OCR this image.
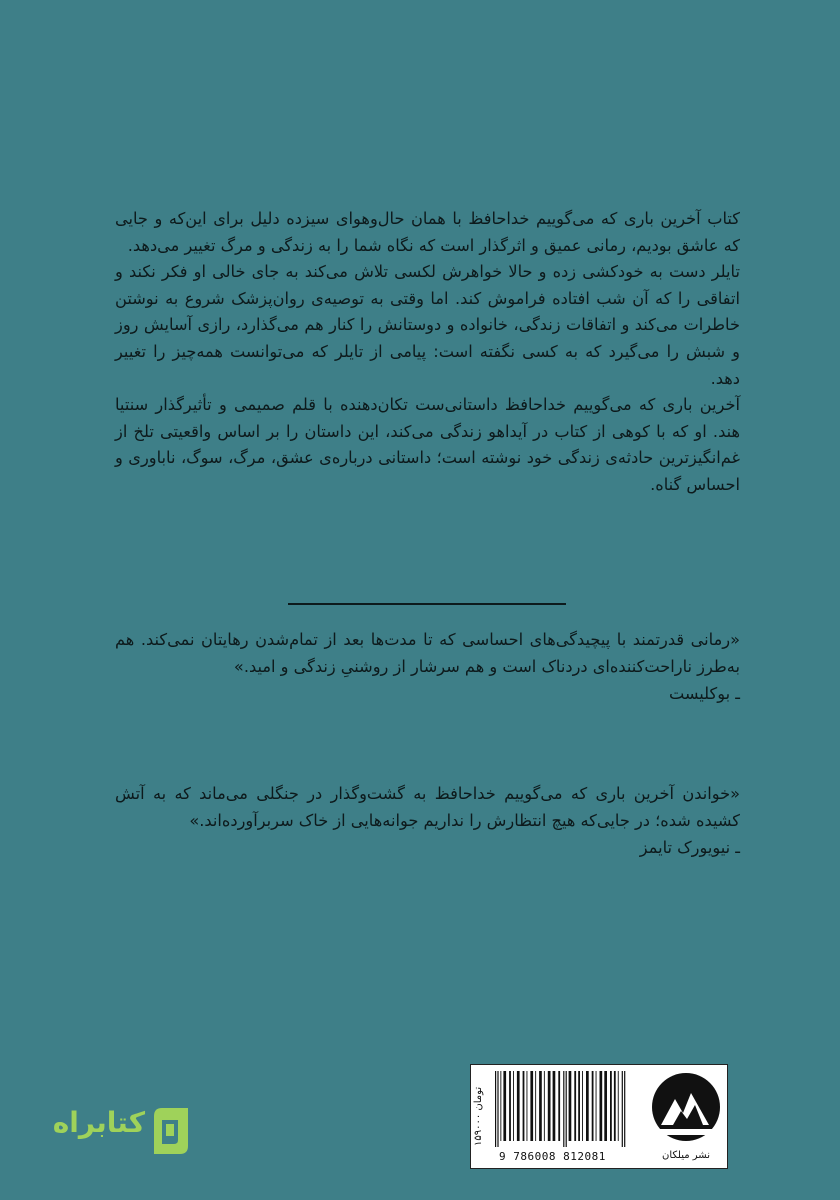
کتاب آخرین باری که می‌گوییم خداحافظ با همان حال‌وهوای سیزده دلیل برای این‌که و جایی که عاشق بودیم، رمانی عمیق و اثرگذار است که نگاه شما را به زندگی و مرگ تغییر می‌دهد.

تایلر دست به خودکشی زده و حالا خواهرش لکسی تلاش می‌کند به جای خالی او فکر نکند و اتفاقی را که آن شب افتاده فراموش کند. اما وقتی به توصیه‌ی روان‌پزشک شروع به نوشتن خاطرات می‌کند و اتفاقات زندگی، خانواده و دوستانش را کنار هم می‌گذارد، رازی آسایش روز و شبش را می‌گیرد که به کسی نگفته است: پیامی از تایلر که می‌توانست همه‌چیز را تغییر دهد.

آخرین باری که می‌گوییم خداحافظ داستانی‌ست تکان‌دهنده با قلم صمیمی و تأثیرگذار سنتیا هند. او که با کوهی از کتاب در آیداهو زندگی می‌کند، این داستان را بر اساس واقعیتی تلخ از غم‌انگیزترین حادثه‌ی زندگی خود نوشته است؛ داستانی درباره‌ی عشق، مرگ، سوگ، ناباوری و احساس گناه.

«رمانی قدرتمند با پیچیدگی‌های احساسی که تا مدت‌ها بعد از تمام‌شدن رهایتان نمی‌کند. هم به‌طرز ناراحت‌کننده‌ای دردناک است و هم سرشار از روشنیِ زندگی و امید.»

ـ بوکلیست

«خواندن آخرین باری که می‌گوییم خداحافظ به گشت‌وگذار در جنگلی می‌ماند که به آتش کشیده شده؛ در جایی‌که هیچ انتظارش را نداریم جوانه‌هایی از خاک سربرآورده‌اند.»

ـ نیویورک تایمز

۱۵۹۰۰۰ تومان
9 786008 812081	نشر میلکان
کتابراه
